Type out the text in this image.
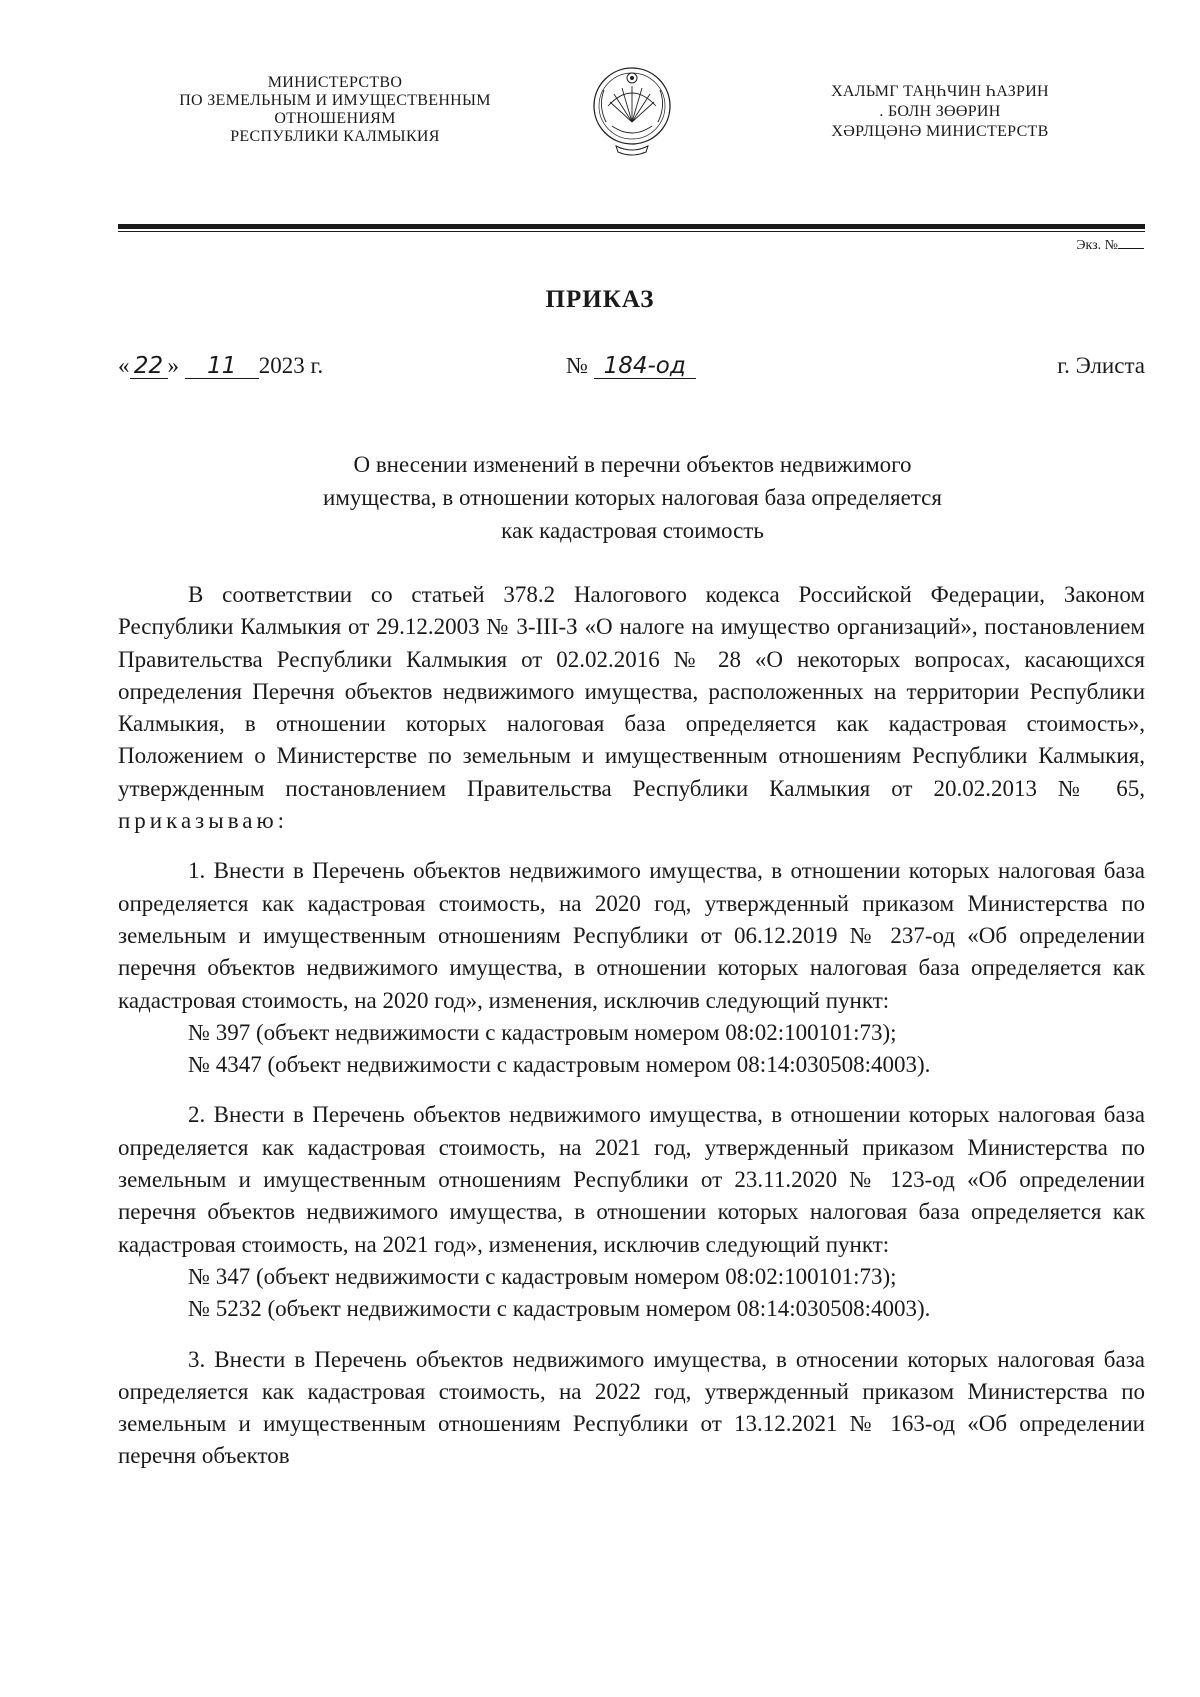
МИНИСТЕРСТВО
ПО ЗЕМЕЛЬНЫМ И ИМУЩЕСТВЕННЫМ
ОТНОШЕНИЯМ
РЕСПУБЛИКИ КАЛМЫКИЯ
ХАЛЬМГ ТАҢҺЧИН ҺАЗРИН
. БОЛН ЗӨӨРИН
ХӘРЛЦӘНӘ МИНИСТЕРСТВ
Экз. №
ПРИКАЗ
« 22 » 11 2023 г.	№ 184-од	г. Элиста
О внесении изменений в перечни объектов недвижимого
имущества, в отношении которых налоговая база определяется
как кадастровая стоимость

В соответствии со статьей 378.2 Налогового кодекса Российской Федерации, Законом Республики Калмыкия от 29.12.2003 № 3-III-З «О налоге на имущество организаций», постановлением Правительства Республики Калмыкия от 02.02.2016 № 28 «О некоторых вопросах, касающихся определения Перечня объектов недвижимого имущества, расположенных на территории Республики Калмыкия, в отношении которых налоговая база определяется как кадастровая стоимость», Положением о Министерстве по земельным и имущественным отношениям Республики Калмыкия, утвержденным постановлением Правительства Республики Калмыкия от 20.02.2013 № 65, приказываю:

1. Внести в Перечень объектов недвижимого имущества, в отношении которых налоговая база определяется как кадастровая стоимость, на 2020 год, утвержденный приказом Министерства по земельным и имущественным отношениям Республики от 06.12.2019 № 237-од «Об определении перечня объектов недвижимого имущества, в отношении которых налоговая база определяется как кадастровая стоимость, на 2020 год», изменения, исключив следующий пункт:

№ 397 (объект недвижимости с кадастровым номером 08:02:100101:73);

№ 4347 (объект недвижимости с кадастровым номером 08:14:030508:4003).

2. Внести в Перечень объектов недвижимого имущества, в отношении которых налоговая база определяется как кадастровая стоимость, на 2021 год, утвержденный приказом Министерства по земельным и имущественным отношениям Республики от 23.11.2020 № 123-од «Об определении перечня объектов недвижимого имущества, в отношении которых налоговая база определяется как кадастровая стоимость, на 2021 год», изменения, исключив следующий пункт:

№ 347 (объект недвижимости с кадастровым номером 08:02:100101:73);

№ 5232 (объект недвижимости с кадастровым номером 08:14:030508:4003).

3. Внести в Перечень объектов недвижимого имущества, в отноcении которых налоговая база определяется как кадастровая стоимость, на 2022 год, утвержденный приказом Министерства по земельным и имущественным отношениям Республики от 13.12.2021 № 163-од «Об определении перечня объектов
